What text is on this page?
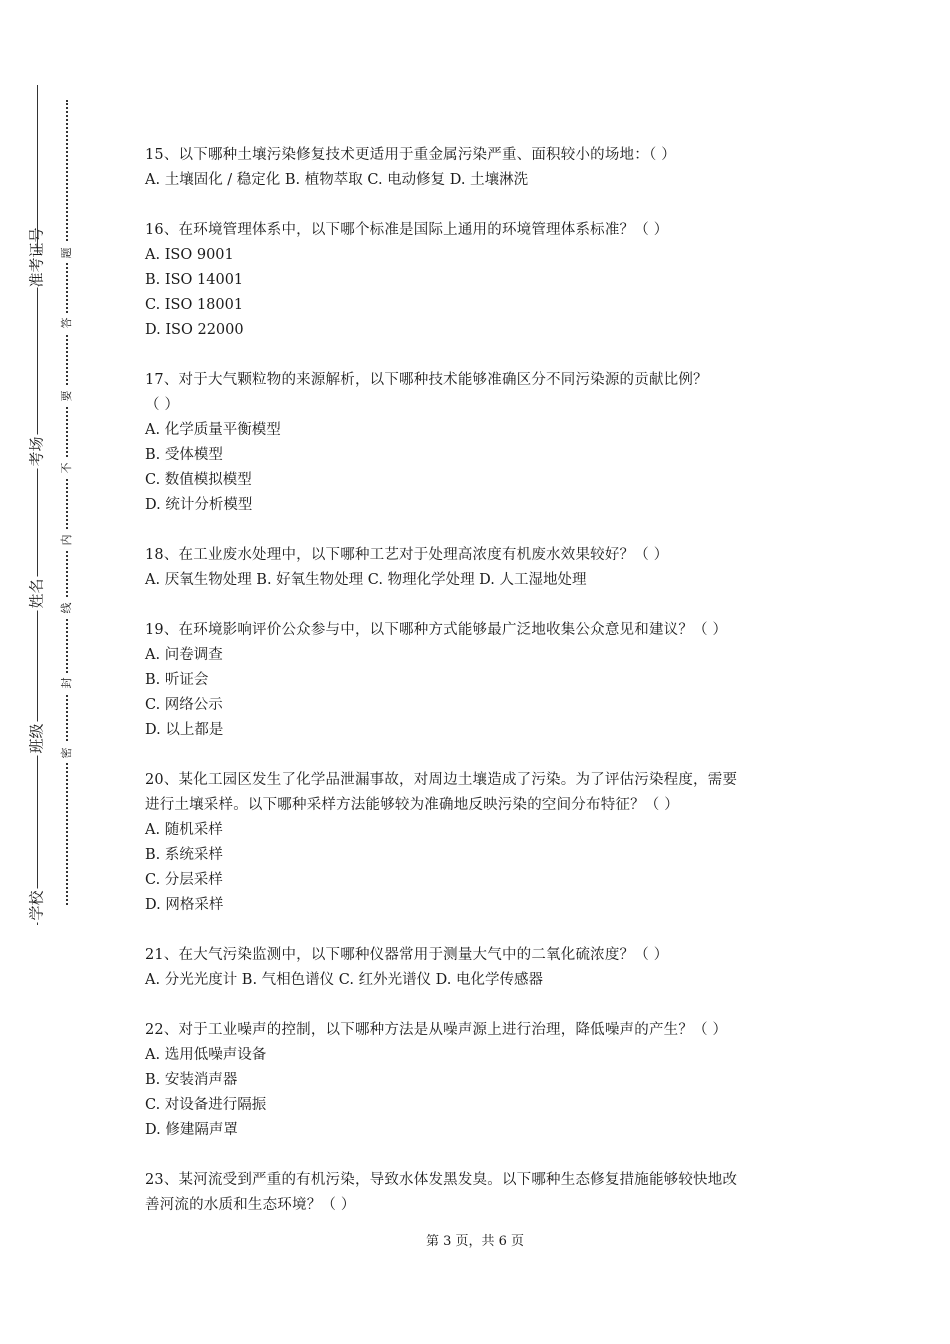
准考证号
考场
姓名
班级
学校
密
封
线
内
不
要
答
题

15、以下哪种土壤污染修复技术更适用于重金属污染严重、面积较小的场地：（ ）

A. 土壤固化 / 稳定化 B. 植物萃取 C. 电动修复 D. 土壤淋洗

16、在环境管理体系中，以下哪个标准是国际上通用的环境管理体系标准？（ ）

A. ISO 9001

B. ISO 14001

C. ISO 18001

D. ISO 22000

17、对于大气颗粒物的来源解析，以下哪种技术能够准确区分不同污染源的贡献比例？

（ ）

A. 化学质量平衡模型

B. 受体模型

C. 数值模拟模型

D. 统计分析模型

18、在工业废水处理中，以下哪种工艺对于处理高浓度有机废水效果较好？（ ）

A. 厌氧生物处理 B. 好氧生物处理 C. 物理化学处理 D. 人工湿地处理

19、在环境影响评价公众参与中，以下哪种方式能够最广泛地收集公众意见和建议？（ ）

A. 问卷调查

B. 听证会

C. 网络公示

D. 以上都是

20、某化工园区发生了化学品泄漏事故，对周边土壤造成了污染。为了评估污染程度，需要

进行土壤采样。以下哪种采样方法能够较为准确地反映污染的空间分布特征？（ ）

A. 随机采样

B. 系统采样

C. 分层采样

D. 网格采样

21、在大气污染监测中，以下哪种仪器常用于测量大气中的二氧化硫浓度？（ ）

A. 分光光度计 B. 气相色谱仪 C. 红外光谱仪 D. 电化学传感器

22、对于工业噪声的控制，以下哪种方法是从噪声源上进行治理，降低噪声的产生？（ ）

A. 选用低噪声设备

B. 安装消声器

C. 对设备进行隔振

D. 修建隔声罩

23、某河流受到严重的有机污染，导致水体发黑发臭。以下哪种生态修复措施能够较快地改

善河流的水质和生态环境？（ ）

第 3 页，共 6 页
